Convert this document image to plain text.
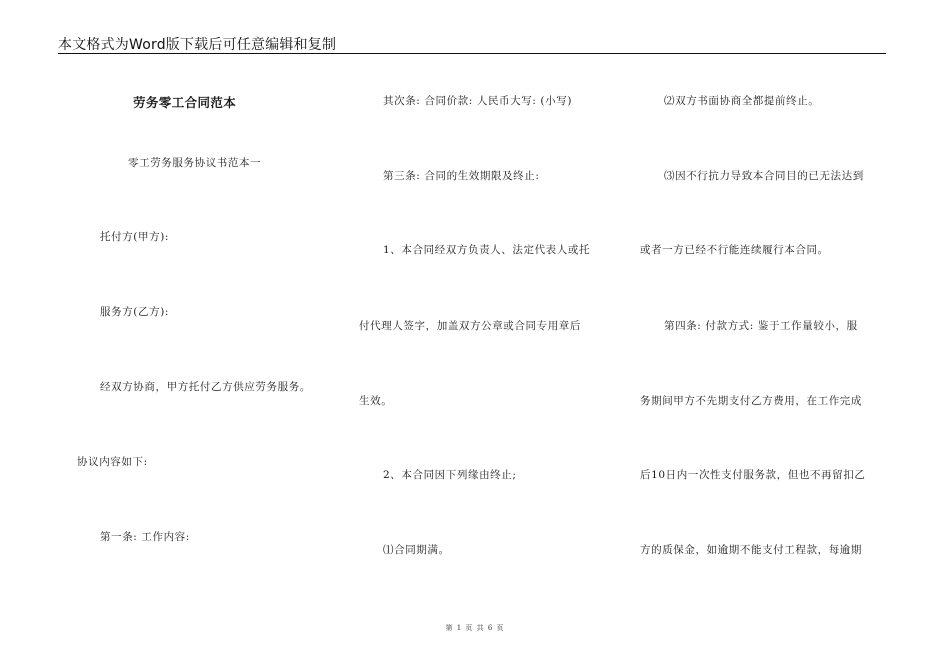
本文格式为Word版下载后可任意编辑和复制
劳务零工合同范本
零工劳务服务协议书范本一
托付方(甲方):
服务方(乙方):
经双方协商，甲方托付乙方供应劳务服务。
协议内容如下:
第一条: 工作内容:
其次条: 合同价款: 人民币大写: (小写)
第三条: 合同的生效期限及终止:
1、本合同经双方负责人、法定代表人或托
付代理人签字，加盖双方公章或合同专用章后
生效。
2、本合同因下列缘由终止;
⑴合同期满。
⑵双方书面协商全都提前终止。
⑶因不行抗力导致本合同目的已无法达到
或者一方已经不行能连续履行本合同。
第四条: 付款方式: 鉴于工作量较小，服
务期间甲方不先期支付乙方费用，在工作完成
后10日内一次性支付服务款，但也不再留扣乙
方的质保金，如逾期不能支付工程款，每逾期
第 1 页 共 6 页
